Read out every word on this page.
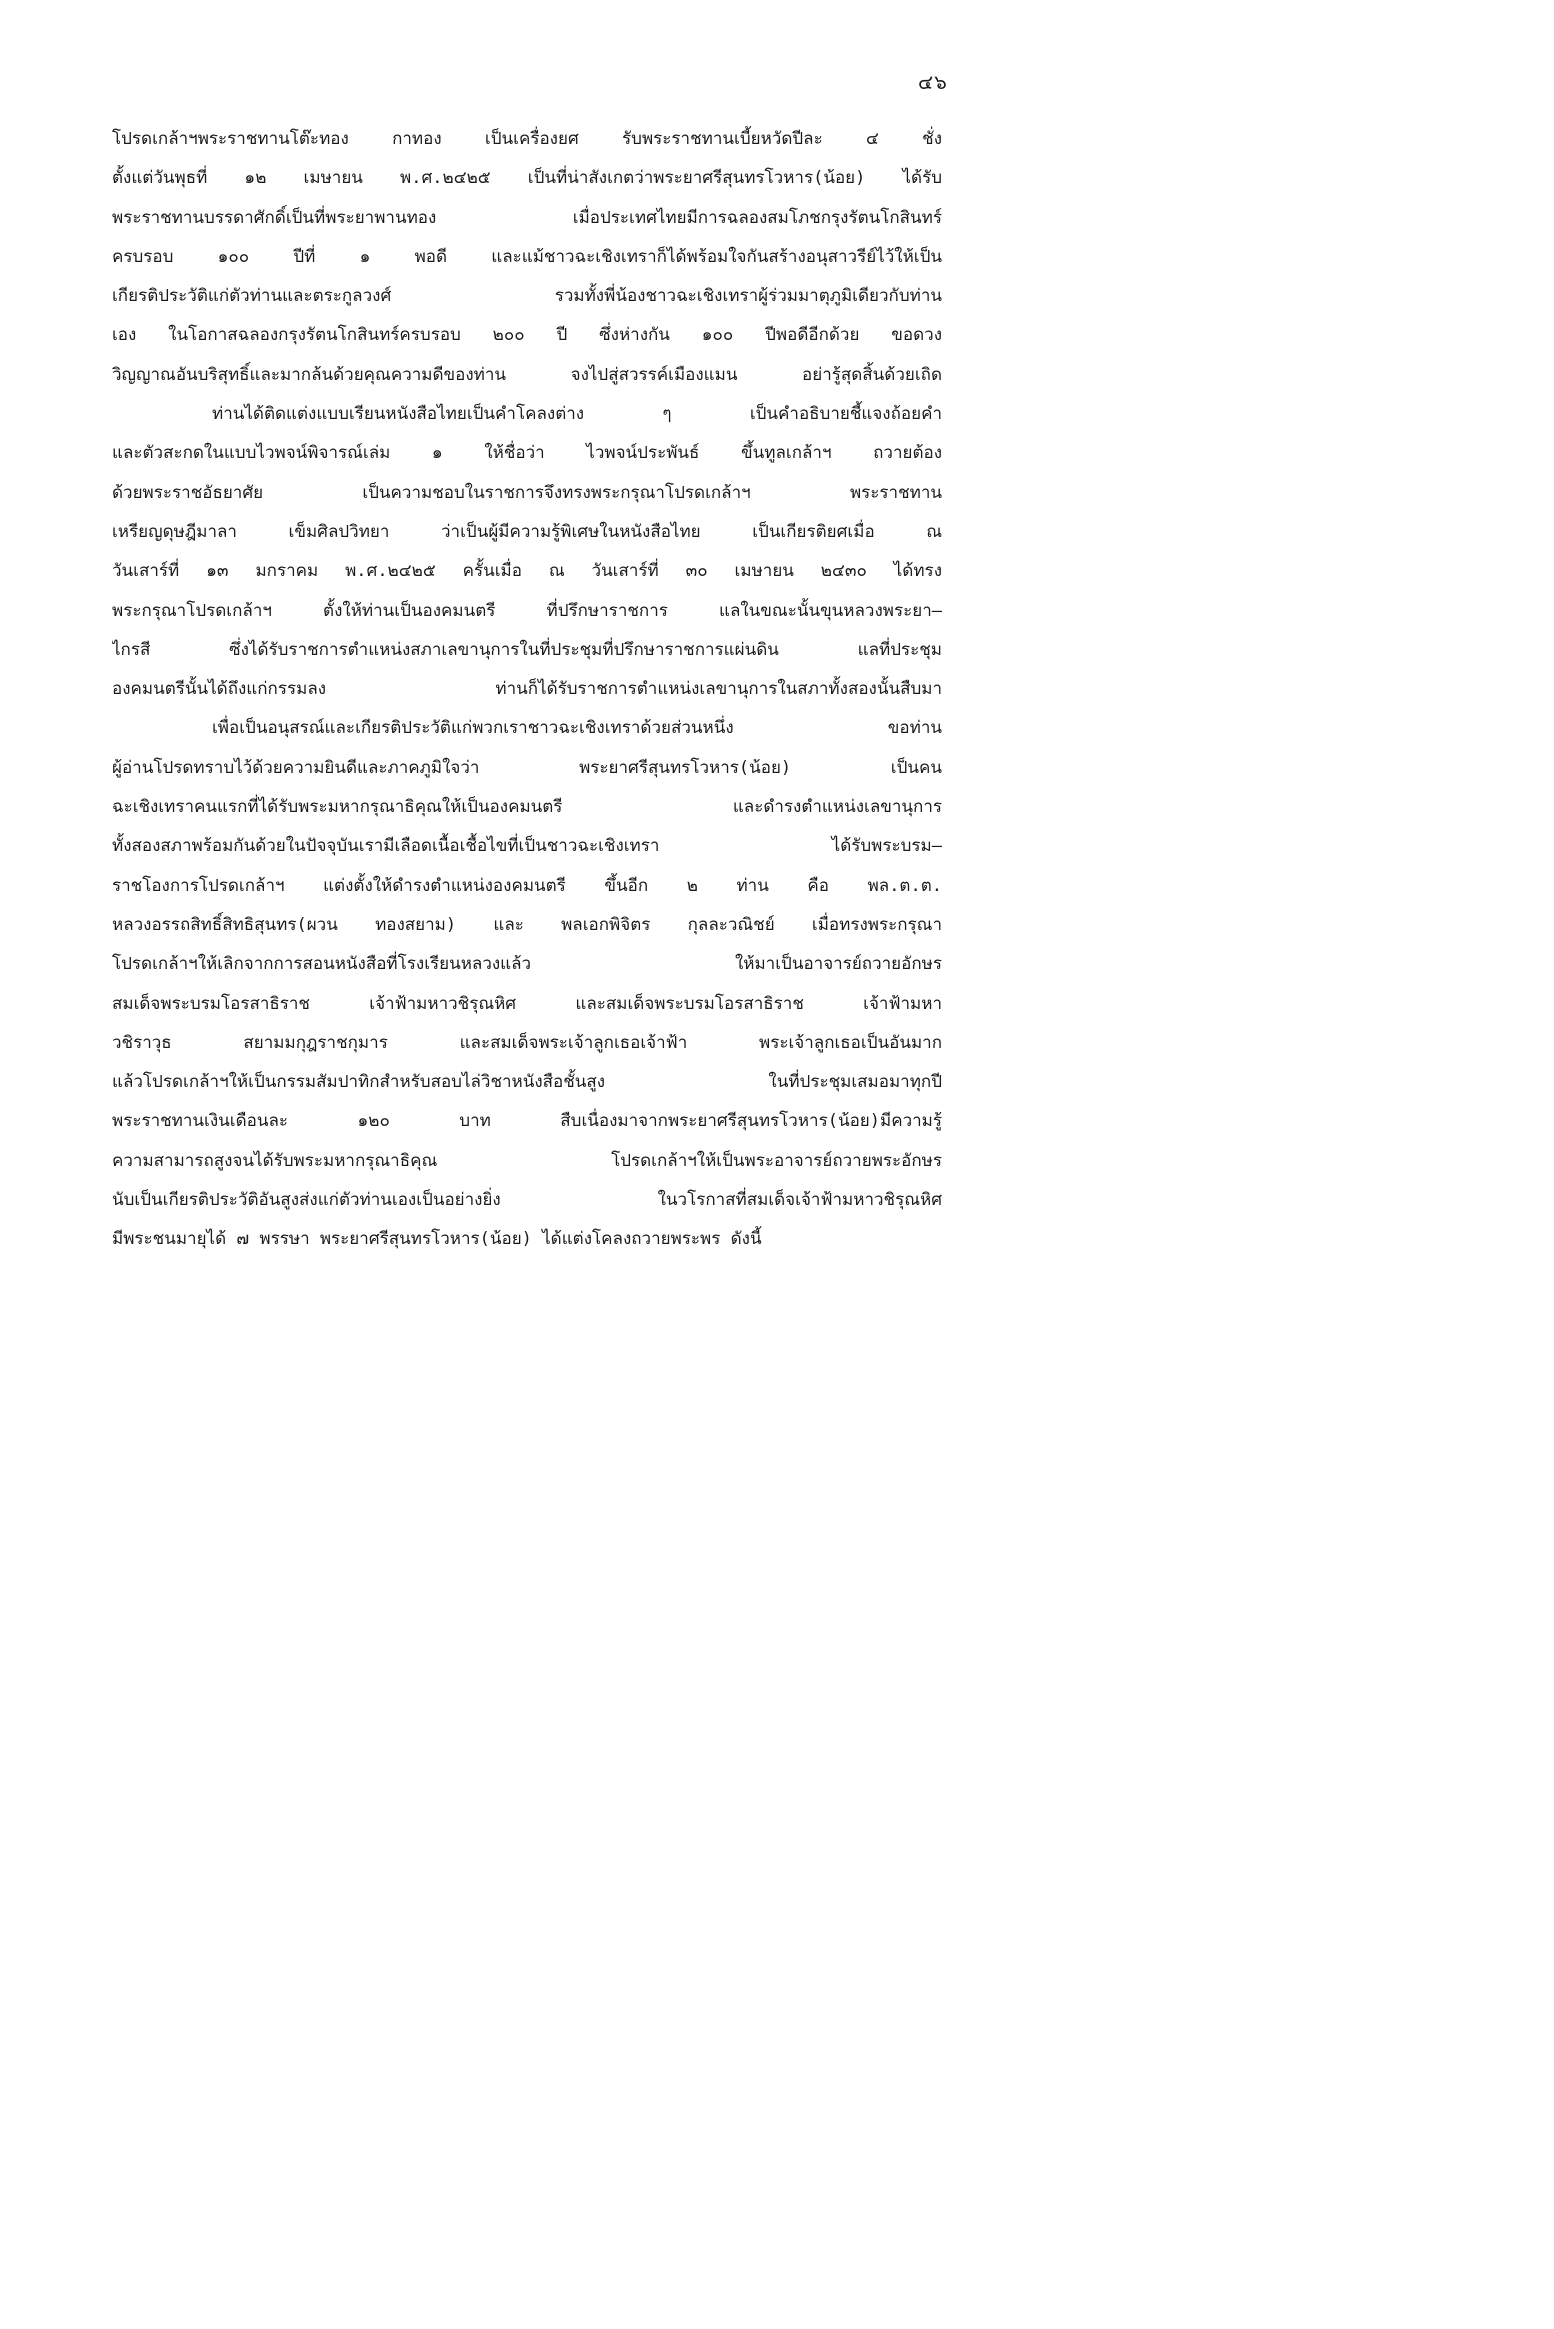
๔๖
โปรดเกล้าฯพระราชทานโต๊ะทอง กาทอง เป็นเครื่องยศ รับพระราชทานเบี้ยหวัดปีละ ๔ ชั่ง
ตั้งแต่วันพุธที่ ๑๒ เมษายน พ.ศ.๒๔๒๕ เป็นที่น่าสังเกตว่าพระยาศรีสุนทรโวหาร(น้อย) ได้รับ
พระราชทานบรรดาศักดิ์เป็นที่พระยาพานทอง เมื่อประเทศไทยมีการฉลองสมโภชกรุงรัตนโกสินทร์
ครบรอบ ๑๐๐ ปีที่ ๑ พอดี และแม้ชาวฉะเชิงเทราก็ได้พร้อมใจกันสร้างอนุสาวรีย์ไว้ให้เป็น
เกียรติประวัติแก่ตัวท่านและตระกูลวงศ์ รวมทั้งพี่น้องชาวฉะเชิงเทราผู้ร่วมมาตุภูมิเดียวกับท่าน
เอง ในโอกาสฉลองกรุงรัตนโกสินทร์ครบรอบ ๒๐๐ ปี ซึ่งห่างกัน ๑๐๐ ปีพอดีอีกด้วย ขอดวง
วิญญาณอันบริสุทธิ์และมากล้นด้วยคุณความดีของท่าน จงไปสู่สวรรค์เมืองแมน อย่ารู้สุดสิ้นด้วยเถิด
ท่านได้ติดแต่งแบบเรียนหนังสือไทยเป็นคำโคลงต่าง ๆ เป็นคำอธิบายชี้แจงถ้อยคำ
และตัวสะกดในแบบไวพจน์พิจารณ์เล่ม ๑ ให้ชื่อว่า ไวพจน์ประพันธ์ ขึ้นทูลเกล้าฯ ถวายต้อง
ด้วยพระราชอัธยาศัย เป็นความชอบในราชการจึงทรงพระกรุณาโปรดเกล้าฯ พระราชทาน
เหรียญดุษฎีมาลา เข็มศิลปวิทยา ว่าเป็นผู้มีความรู้พิเศษในหนังสือไทย เป็นเกียรติยศเมื่อ ณ
วันเสาร์ที่ ๑๓ มกราคม พ.ศ.๒๔๒๕ ครั้นเมื่อ ณ วันเสาร์ที่ ๓๐ เมษายน ๒๔๓๐ ได้ทรง
พระกรุณาโปรดเกล้าฯ ตั้งให้ท่านเป็นองคมนตรี ที่ปรึกษาราชการ แลในขณะนั้นขุนหลวงพระยา–
ไกรสี ซึ่งได้รับราชการตำแหน่งสภาเลขานุการในที่ประชุมที่ปรึกษาราชการแผ่นดิน แลที่ประชุม
องคมนตรีนั้นได้ถึงแก่กรรมลง ท่านก็ได้รับราชการตำแหน่งเลขานุการในสภาทั้งสองนั้นสืบมา
เพื่อเป็นอนุสรณ์และเกียรติประวัติแก่พวกเราชาวฉะเชิงเทราด้วยส่วนหนึ่ง ขอท่าน
ผู้อ่านโปรดทราบไว้ด้วยความยินดีและภาคภูมิใจว่า พระยาศรีสุนทรโวหาร(น้อย) เป็นคน
ฉะเชิงเทราคนแรกที่ได้รับพระมหากรุณาธิคุณให้เป็นองคมนตรี และดำรงตำแหน่งเลขานุการ
ทั้งสองสภาพร้อมกันด้วยในปัจจุบันเรามีเลือดเนื้อเชื้อไขที่เป็นชาวฉะเชิงเทรา ได้รับพระบรม–
ราชโองการโปรดเกล้าฯ แต่งตั้งให้ดำรงตำแหน่งองคมนตรี ขึ้นอีก ๒ ท่าน คือ พล.ต.ต.
หลวงอรรถสิทธิ์สิทธิสุนทร(ผวน ทองสยาม) และ พลเอกพิจิตร กุลละวณิชย์ เมื่อทรงพระกรุณา
โปรดเกล้าฯให้เลิกจากการสอนหนังสือที่โรงเรียนหลวงแล้ว ให้มาเป็นอาจารย์ถวายอักษร
สมเด็จพระบรมโอรสาธิราช เจ้าฟ้ามหาวชิรุณหิศ และสมเด็จพระบรมโอรสาธิราช เจ้าฟ้ามหา
วชิราวุธ สยามมกุฎราชกุมาร และสมเด็จพระเจ้าลูกเธอเจ้าฟ้า พระเจ้าลูกเธอเป็นอันมาก
แล้วโปรดเกล้าฯให้เป็นกรรมสัมปาทิกสำหรับสอบไล่วิชาหนังสือชั้นสูง ในที่ประชุมเสมอมาทุกปี
พระราชทานเงินเดือนละ ๑๒๐ บาท สืบเนื่องมาจากพระยาศรีสุนทรโวหาร(น้อย)มีความรู้
ความสามารถสูงจนได้รับพระมหากรุณาธิคุณ โปรดเกล้าฯให้เป็นพระอาจารย์ถวายพระอักษร
นับเป็นเกียรติประวัติอันสูงส่งแก่ตัวท่านเองเป็นอย่างยิ่ง ในวโรกาสที่สมเด็จเจ้าฟ้ามหาวชิรุณหิศ
มีพระชนมายุได้ ๗ พรรษา พระยาศรีสุนทรโวหาร(น้อย) ได้แต่งโคลงถวายพระพร ดังนี้
